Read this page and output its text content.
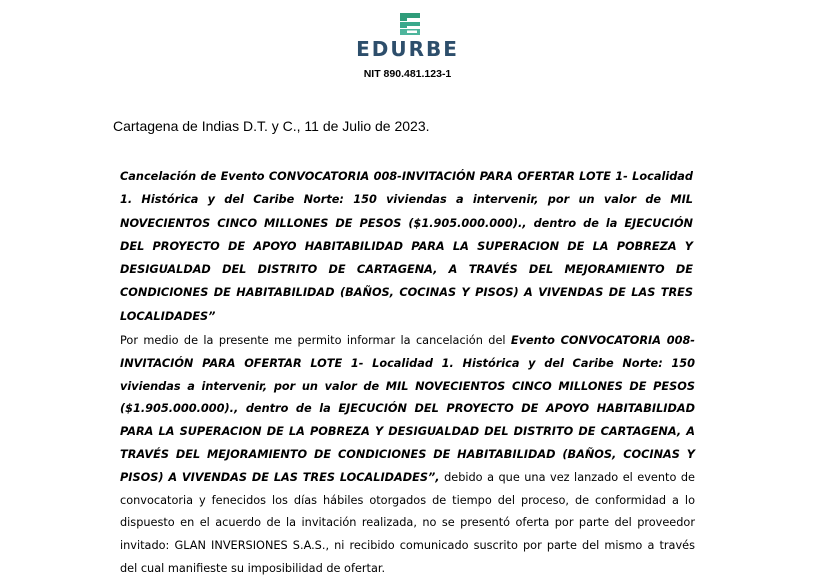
EDURBE
NIT 890.481.123-1
Cartagena de Indias D.T. y C., 11 de Julio de 2023.

Cancelación de Evento CONVOCATORIA 008-INVITACIÓN PARA OFERTAR LOTE 1- Localidad 1. Histórica y del Caribe Norte: 150 viviendas a intervenir, por un valor de MIL NOVECIENTOS CINCO MILLONES DE PESOS ($1.905.000.000)., dentro de la EJECUCIÓN DEL PROYECTO DE APOYO HABITABILIDAD PARA LA SUPERACION DE LA POBREZA Y DESIGUALDAD DEL DISTRITO DE CARTAGENA, A TRAVÉS DEL MEJORAMIENTO DE CONDICIONES DE HABITABILIDAD (BAÑOS, COCINAS Y PISOS) A VIVENDAS DE LAS TRES LOCALIDADES”

Por medio de la presente me permito informar la cancelación del Evento CONVOCATORIA 008-INVITACIÓN PARA OFERTAR LOTE 1- Localidad 1. Histórica y del Caribe Norte: 150 viviendas a intervenir, por un valor de MIL NOVECIENTOS CINCO MILLONES DE PESOS ($1.905.000.000)., dentro de la EJECUCIÓN DEL PROYECTO DE APOYO HABITABILIDAD PARA LA SUPERACION DE LA POBREZA Y DESIGUALDAD DEL DISTRITO DE CARTAGENA, A TRAVÉS DEL MEJORAMIENTO DE CONDICIONES DE HABITABILIDAD (BAÑOS, COCINAS Y PISOS) A VIVENDAS DE LAS TRES LOCALIDADES”, debido a que una vez lanzado el evento de convocatoria y fenecidos los días hábiles otorgados de tiempo del proceso, de conformidad a lo dispuesto en el acuerdo de la invitación realizada, no se presentó oferta por parte del proveedor invitado: GLAN INVERSIONES S.A.S., ni recibido comunicado suscrito por parte del mismo a través del cual manifieste su imposibilidad de ofertar.
